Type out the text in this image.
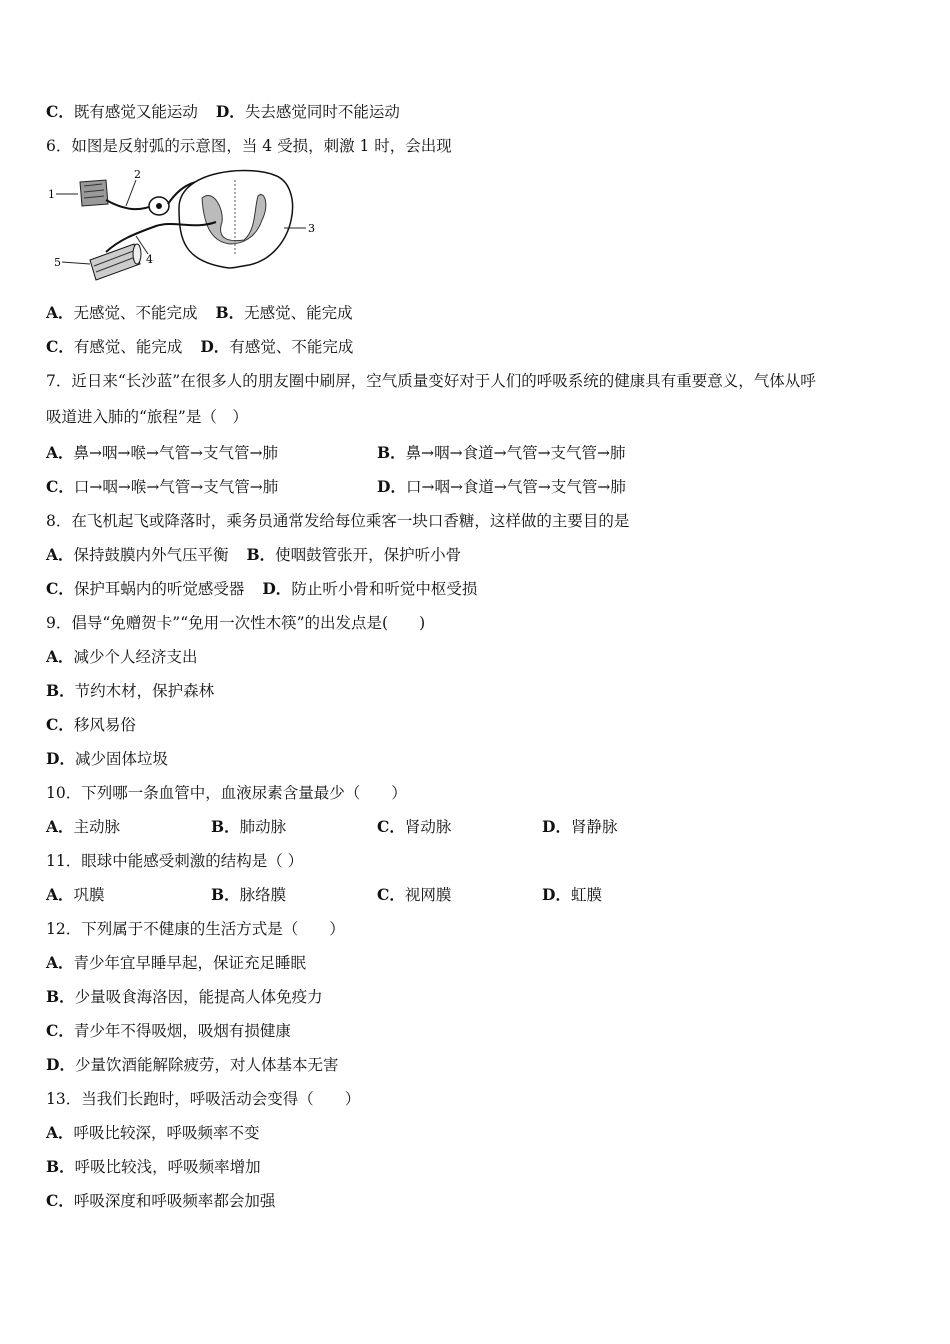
C．既有感觉又能运动 D．失去感觉同时不能运动
6．如图是反射弧的示意图，当 4 受损，刺激 1 时，会出现
1
2
3
4
5
A．无感觉、不能完成 B．无感觉、能完成
C．有感觉、能完成 D．有感觉、不能完成
7．近日来“长沙蓝”在很多人的朋友圈中刷屏，空气质量变好对于人们的呼吸系统的健康具有重要意义，气体从呼
吸道进入肺的“旅程”是（　）
A．鼻→咽→喉→气管→支气管→肺	B．鼻→咽→食道→气管→支气管→肺
C．口→咽→喉→气管→支气管→肺	D．口→咽→食道→气管→支气管→肺
8．在飞机起飞或降落时，乘务员通常发给每位乘客一块口香糖，这样做的主要目的是
A．保持鼓膜内外气压平衡 B．使咽鼓管张开，保护听小骨
C．保护耳蜗内的听觉感受器 D．防止听小骨和听觉中枢受损
9．倡导“免赠贺卡”“免用一次性木筷”的出发点是(　　)
A．减少个人经济支出
B．节约木材，保护森林
C．移风易俗
D．减少固体垃圾
10．下列哪一条血管中，血液尿素含量最少（　　）
A．主动脉	B．肺动脉	C．肾动脉	D．肾静脉
11．眼球中能感受刺激的结构是（ ）
A．巩膜	B．脉络膜	C．视网膜	D．虹膜
12．下列属于不健康的生活方式是（　　）
A．青少年宜早睡早起，保证充足睡眠
B．少量吸食海洛因，能提高人体免疫力
C．青少年不得吸烟，吸烟有损健康
D．少量饮酒能解除疲劳，对人体基本无害
13．当我们长跑时，呼吸活动会变得（　　）
A．呼吸比较深，呼吸频率不变
B．呼吸比较浅，呼吸频率增加
C．呼吸深度和呼吸频率都会加强
